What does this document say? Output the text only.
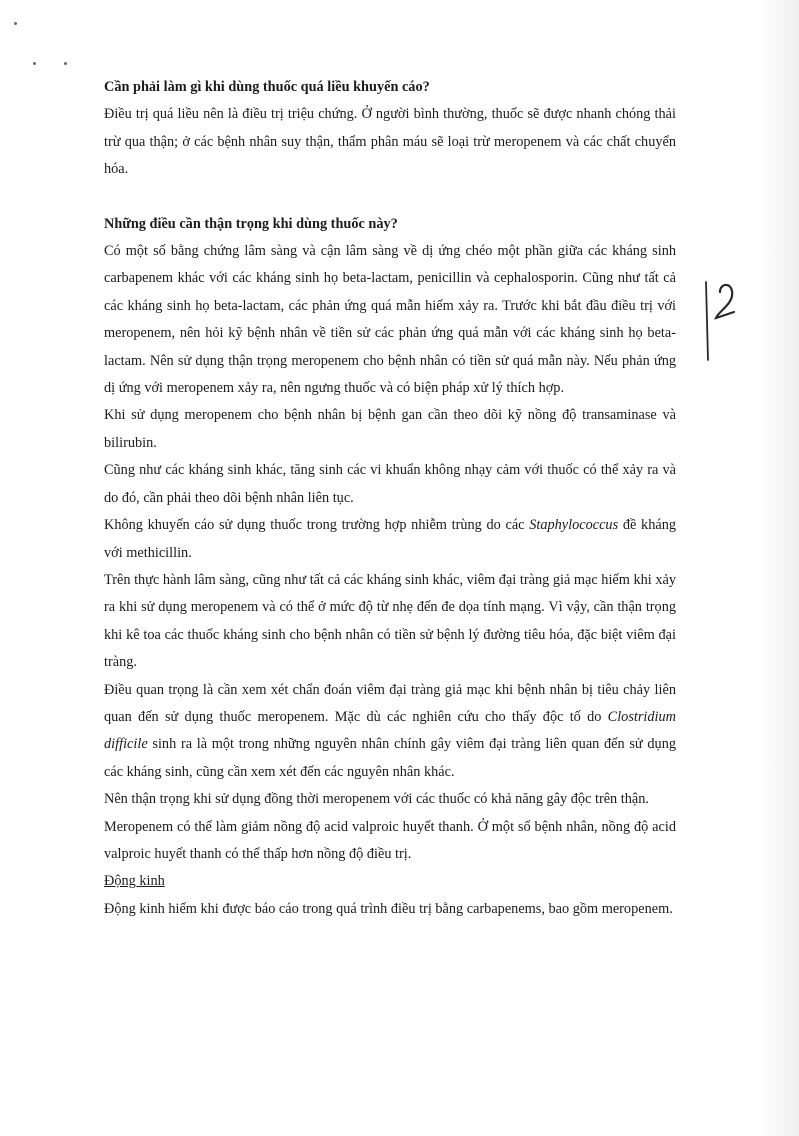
Cần phải làm gì khi dùng thuốc quá liều khuyến cáo?

Điều trị quá liều nên là điều trị triệu chứng. Ở người bình thường, thuốc sẽ được nhanh chóng thải trừ qua thận; ở các bệnh nhân suy thận, thẩm phân máu sẽ loại trừ meropenem và các chất chuyển hóa.

Những điều cần thận trọng khi dùng thuốc này?

Có một số bằng chứng lâm sàng và cận lâm sàng về dị ứng chéo một phần giữa các kháng sinh carbapenem khác với các kháng sinh họ beta-lactam, penicillin và cephalosporin. Cũng như tất cả các kháng sinh họ beta-lactam, các phản ứng quá mẫn hiếm xảy ra. Trước khi bắt đầu điều trị với meropenem, nên hỏi kỹ bệnh nhân về tiền sử các phản ứng quá mẫn với các kháng sinh họ beta-lactam. Nên sử dụng thận trọng meropenem cho bệnh nhân có tiền sử quá mẫn này. Nếu phản ứng dị ứng với meropenem xảy ra, nên ngưng thuốc và có biện pháp xử lý thích hợp.

Khi sử dụng meropenem cho bệnh nhân bị bệnh gan cần theo dõi kỹ nồng độ transaminase và bilirubin.

Cũng như các kháng sinh khác, tăng sinh các vi khuẩn không nhạy cảm với thuốc có thể xảy ra và do đó, cần phải theo dõi bệnh nhân liên tục.

Không khuyến cáo sử dụng thuốc trong trường hợp nhiễm trùng do các Staphylococcus đề kháng với methicillin.

Trên thực hành lâm sàng, cũng như tất cả các kháng sinh khác, viêm đại tràng giả mạc hiếm khi xảy ra khi sử dụng meropenem và có thể ở mức độ từ nhẹ đến đe dọa tính mạng. Vì vậy, cần thận trọng khi kê toa các thuốc kháng sinh cho bệnh nhân có tiền sử bệnh lý đường tiêu hóa, đặc biệt viêm đại tràng.

Điều quan trọng là cần xem xét chẩn đoán viêm đại tràng giả mạc khi bệnh nhân bị tiêu chảy liên quan đến sử dụng thuốc meropenem. Mặc dù các nghiên cứu cho thấy độc tố do Clostridium difficile sinh ra là một trong những nguyên nhân chính gây viêm đại tràng liên quan đến sử dụng các kháng sinh, cũng cần xem xét đến các nguyên nhân khác.

Nên thận trọng khi sử dụng đồng thời meropenem với các thuốc có khả năng gây độc trên thận.

Meropenem có thể làm giảm nồng độ acid valproic huyết thanh. Ở một số bệnh nhân, nồng độ acid valproic huyết thanh có thể thấp hơn nồng độ điều trị.

Động kinh

Động kinh hiếm khi được báo cáo trong quá trình điều trị bằng carbapenems, bao gồm meropenem.
